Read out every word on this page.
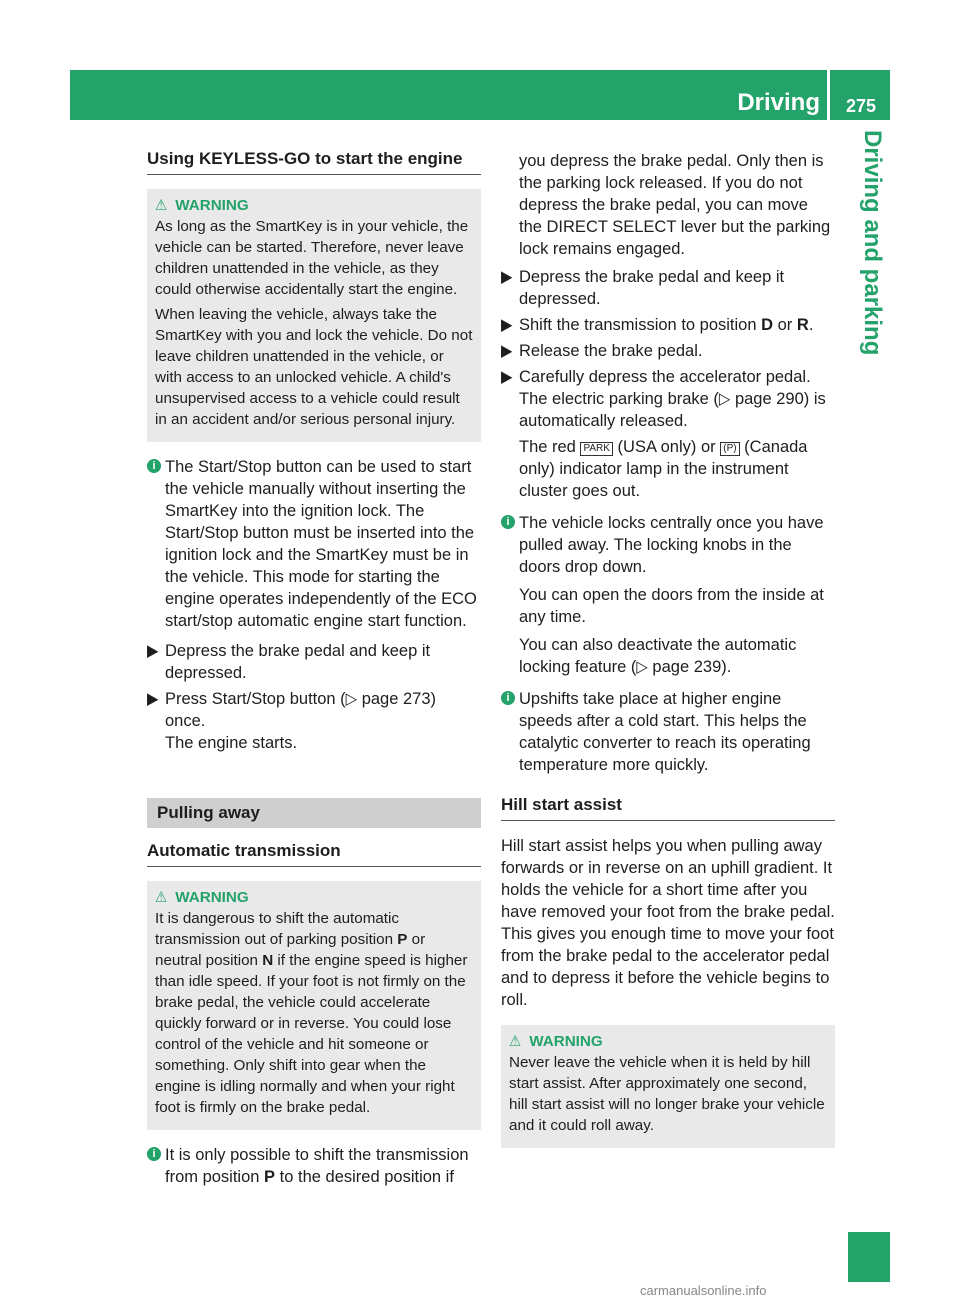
Driving	275
Driving and parking
Using KEYLESS-GO to start the engine
⚠ WARNING

As long as the SmartKey is in your vehicle, the vehicle can be started. Therefore, never leave children unattended in the vehicle, as they could otherwise accidentally start the engine.

When leaving the vehicle, always take the SmartKey with you and lock the vehicle. Do not leave children unattended in the vehicle, or with access to an unlocked vehicle. A child's unsupervised access to a vehicle could result in an accident and/or serious personal injury.

i The Start/Stop button can be used to start the vehicle manually without inserting the SmartKey into the ignition lock. The Start/Stop button must be inserted into the ignition lock and the SmartKey must be in the vehicle. This mode for starting the engine operates independently of the ECO start/stop automatic engine start function.

▶ Depress the brake pedal and keep it depressed.

▶ Press Start/Stop button (▷ page 273)

once.

The engine starts.

Pulling away
Automatic transmission
⚠ WARNING

It is dangerous to shift the automatic transmission out of parking position P or neutral position N if the engine speed is higher than idle speed. If your foot is not firmly on the brake pedal, the vehicle could accelerate quickly forward or in reverse. You could lose control of the vehicle and hit someone or something. Only shift into gear when the engine is idling normally and when your right foot is firmly on the brake pedal.

i It is only possible to shift the transmission from position P to the desired position if

you depress the brake pedal. Only then is the parking lock released. If you do not depress the brake pedal, you can move the DIRECT SELECT lever but the parking lock remains engaged.

▶ Depress the brake pedal and keep it depressed.

▶ Shift the transmission to position D or R.

▶ Release the brake pedal.

▶ Carefully depress the accelerator pedal.

The electric parking brake (▷ page 290) is automatically released.

The red PARK (USA only) or (P) (Canada only) indicator lamp in the instrument cluster goes out.

i The vehicle locks centrally once you have pulled away. The locking knobs in the doors drop down.

You can open the doors from the inside at any time.

You can also deactivate the automatic locking feature (▷ page 239).

i Upshifts take place at higher engine speeds after a cold start. This helps the catalytic converter to reach its operating temperature more quickly.

Hill start assist

Hill start assist helps you when pulling away forwards or in reverse on an uphill gradient. It holds the vehicle for a short time after you have removed your foot from the brake pedal. This gives you enough time to move your foot from the brake pedal to the accelerator pedal and to depress it before the vehicle begins to roll.

⚠ WARNING

Never leave the vehicle when it is held by hill start assist. After approximately one second, hill start assist will no longer brake your vehicle and it could roll away.

carmanualsonline.info
